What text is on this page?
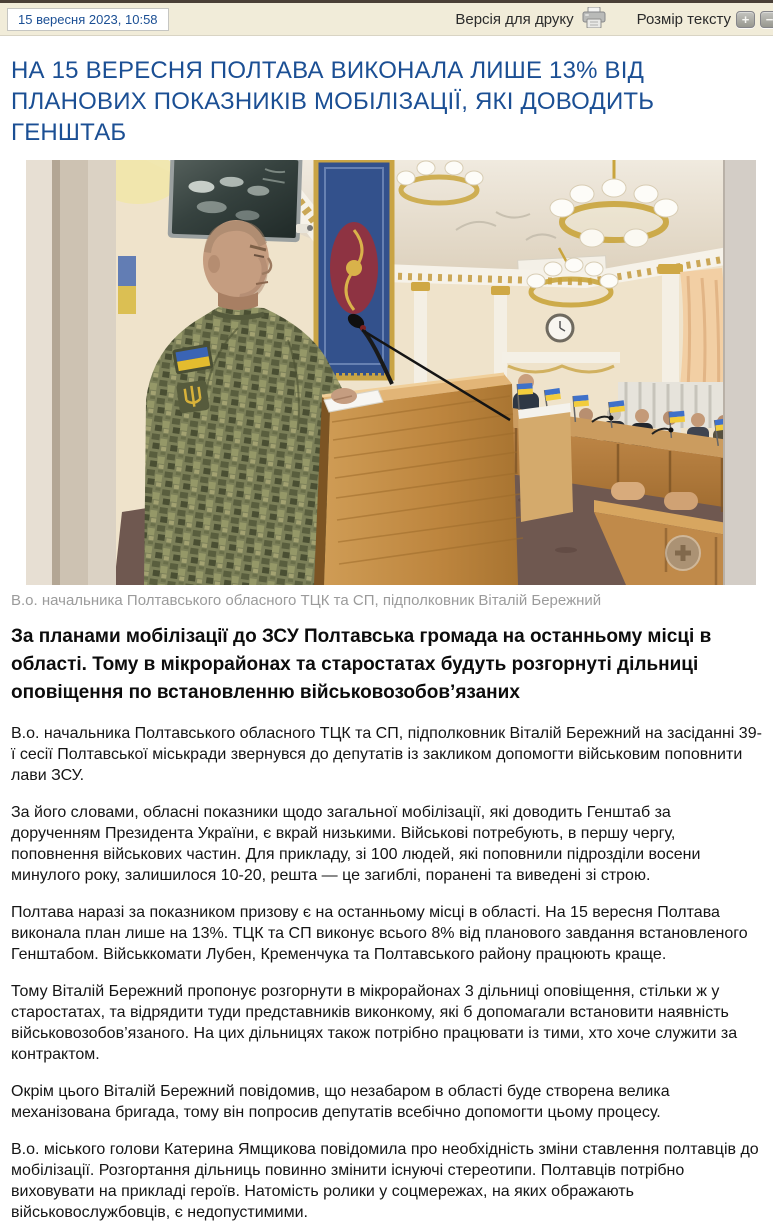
15 вересня 2023, 10:58	Версія для друку	Розмір тексту +	−
НА 15 ВЕРЕСНЯ ПОЛТАВА ВИКОНАЛА ЛИШЕ 13% ВІД ПЛАНОВИХ ПОКАЗНИКІВ МОБІЛІЗАЦІЇ, ЯКІ ДОВОДИТЬ ГЕНШТАБ
В.о. начальника Полтавського обласного ТЦК та СП, підполковник Віталій Бережний
За планами мобілізації до ЗСУ Полтавська громада на останньому місці в області. Тому в мікрорайонах та старостатах будуть розгорнуті дільниці оповіщення по встановленню військовозобов’язаних

В.о. начальника Полтавського обласного ТЦК та СП, підполковник Віталій Бережний на засіданні 39-ї сесії Полтавської міськради звернувся до депутатів із закликом допомогти військовим поповнити лави ЗСУ.

За його словами, обласні показники щодо загальної мобілізації, які доводить Генштаб за дорученням Президента України, є вкрай низькими. Військові потребують, в першу чергу, поповнення військових частин. Для прикладу, зі 100 людей, які поповнили підрозділи восени минулого року, залишилося 10-20, решта — це загиблі, поранені та виведені зі строю.

Полтава наразі за показником призову є на останньому місці в області. На 15 вересня Полтава виконала план лише на 13%. ТЦК та СП виконує всього 8% від планового завдання встановленого Генштабом. Військкомати Лубен, Кременчука та Полтавського району працюють краще.

Тому Віталій Бережний пропонує розгорнути в мікрорайонах 3 дільниці оповіщення, стільки ж у старостатах, та відрядити туди представників виконкому, які б допомагали встановити наявність військовозобов’язаного. На цих дільницях також потрібно працювати із тими, хто хоче служити за контрактом.

Окрім цього Віталій Бережний повідомив, що незабаром в області буде створена велика механізована бригада, тому він попросив депутатів всебічно допомогти цьому процесу.

В.о. міського голови Катерина Ямщикова повідомила про необхідність зміни ставлення полтавців до мобілізації. Розгортання дільниць повинно змінити існуючі стереотипи. Полтавців потрібно виховувати на прикладі героїв. Натомість ролики у соцмережах, на яких ображають військовослужбовців, є недопустимими.
